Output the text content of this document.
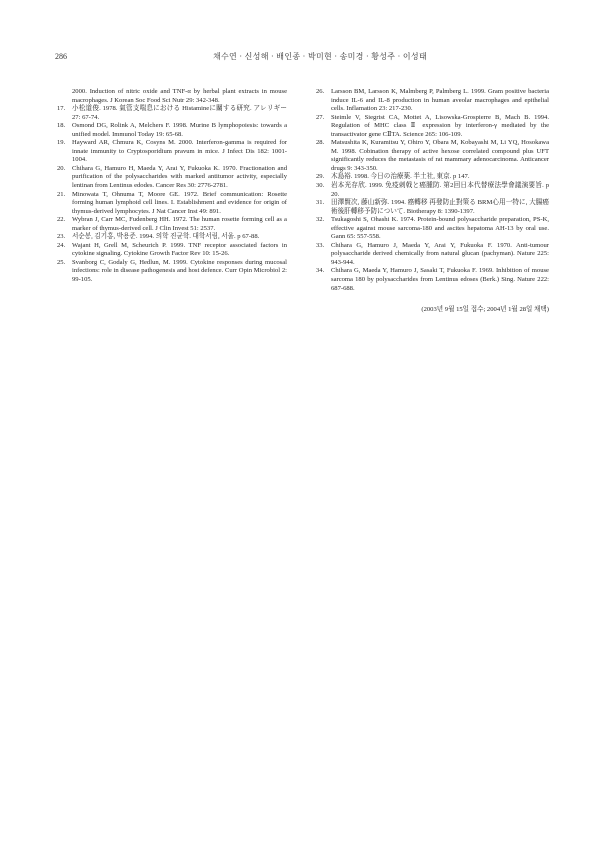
286	채수연 · 신성해 · 배인종 · 박미현 · 송미경 · 황성주 · 이성태
2000. Induction of nitric oxide and TNF-α by herbal plant extracts in mouse macrophages. J Korean Soc Food Sci Nutr 29: 342-348.
17.	小松道俊. 1978. 氣管支喘息における Histamineに關する研究. アレリギー 27: 67-74.
18.	Osmond DG, Rolink A, Melchers F. 1998. Murine B lymphopoiesis: towards a unified model. Immunol Today 19: 65-68.
19.	Hayward AR, Chmura K, Cosyns M. 2000. Interferon-gamma is required for innate immunity to Cryptosporidium pravum in mice. J Infect Dis 182: 1001-1004.
20.	Chihara G, Hamuro H, Maeda Y, Arai Y, Fukuoka K. 1970. Fractionation and purification of the polysaccharides with marked antitumor activity, especially lentinan from Lentinus edodes. Cancer Res 30: 2776-2781.
21.	Minowata T, Ohnuma T, Moore GE. 1972. Brief communication: Rosette forming human lymphoid cell lines. I. Establishment and evidence for origin of thymus-derived lymphocytes. J Nat Cancer Inst 49: 891.
22.	Wybran J, Carr MC, Fudenberg HH. 1972. The human rosette forming cell as a marker of thymus-derived cell. J Clin Invest 51: 2537.
23.	서순봉, 김기홍, 박용준. 1994. 의학 진균학. 대학서림, 서울. p 67-88.
24.	Wajant H, Grell M, Scheurich P. 1999. TNF receptor associated factors in cytokine signaling. Cytokine Growth Factor Rev 10: 15-26.
25.	Svanborg C, Godaly G, Hedlun, M. 1999. Cytokine responses during mucosal infections: role in disease pathogenesis and host defence. Curr Opin Microbiol 2: 99-105.
26.	Larsson BM, Larsson K, Malmberg P, Palmberg L. 1999. Gram positive bacteria induce IL-6 and IL-8 production in human aveolar macrophages and epithelial cells. Inflamation 23: 217-230.
27.	Steimle V, Siegrist CA, Mottet A, Lisowska-Grospierre B, Mach B. 1994. Regulation of MHC class Ⅱ expression by interferon-γ mediated by the transactivator gene CⅡTA. Science 265: 106-109.
28.	Matsushita K, Kuramitsu Y, Ohiro Y, Obara M, Kobayashi M, Li YQ, Hosokawa M. 1998. Cobination therapy of active hexose correlated compound plus UFT significantly reduces the metastasis of rat mammary adenocarcinoma. Anticancer drugs 9: 343-350.
29.	木島裕. 1998. 今日の治療薬. 半土社, 東京. p 147.
30.	岩本光存欣. 1999. 免疫刺戟と癌腫防. 第2回日本代替療法學會議演要旨. p 20.
31.	田澤賢次, 藤山新弥. 1994. 癌轉移 再發防止對策る BRM心用一特に, 大腸癌術後肝轉移予防について. Biotherapy 8: 1390-1397.
32.	Tsukagoshi S, Ohashi K. 1974. Protein-bound polysaccharide preparation, PS-K, effective against mouse sarcoma-180 and ascites hepatoma AH-13 by oral use. Gann 65: 557-558.
33.	Chihara G, Hamuro J, Maeda Y, Arai Y, Fukuoka F. 1970. Anti-tumour polysaccharide derived chemically from natural glucan (pachyman). Nature 225: 943-944.
34.	Chihara G, Maeda Y, Hamuro J, Sasaki T, Fukuoka F. 1969. Inhibition of mouse sarcoma 180 by polysaccharides from Lentinus edoses (Berk.) Sing. Nature 222: 687-688.
(2003년 9월 15일 접수; 2004년 1월 28일 채택)
